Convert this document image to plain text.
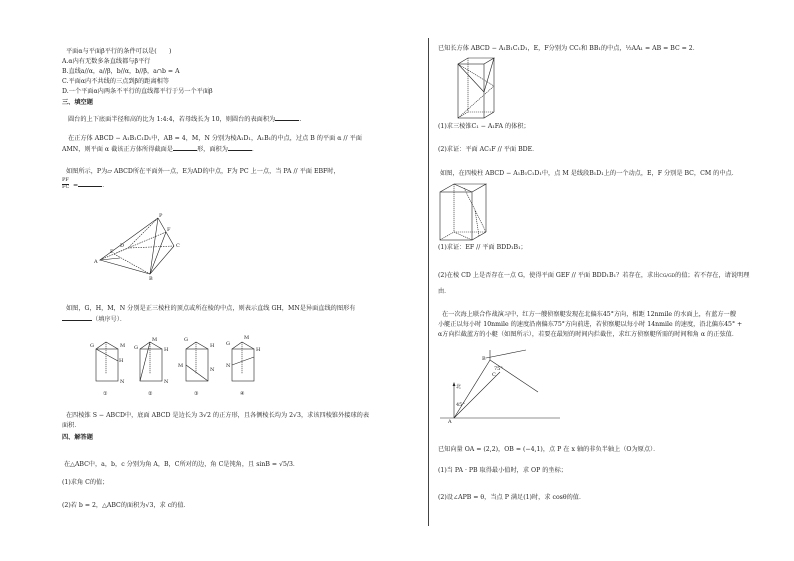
平面α与平面β平行的条件可以是(　　)
A.α内有无数多条直线都与β平行
B.直线a//α，a//β，b//α，b//β，a∩b = A
C.平面α内不共线的三点到β的距离相等
D.一个平面α内两条不平行的直线都平行于另一个平面β
三、填空题
圆台的上下底面半径和高的比为 1:4:4，若母线长为 10，则圆台的表面积为	.
在正方体 ABCD − A₁B₁C₁D₁中，AB = 4，M，N 分别为棱A₁D₁，A₁B₁的中点，过点 B 的平面 α // 平面
AMN，则平面 α 截该正方体所得截面是	形，面积为	．
如图所示，P为▱ ABCD所在平面外一点，E为AD的中点，F为 PC 上一点，当 PA // 平面 EBF时，
$\frac{PF}{FC}$ =	．
P
F
C
D
E
A
B
如图，G，H，M，N 分别是正三棱柱的顶点或所在棱的中点，则表示直线 GH，MN是异面直线的图形有
（填序号）．
G
H
M
N
G
M
H
N
G
H
M
N
G
M
H
N
①	②	③	④
在四棱锥 S − ABCD中，底面 ABCD 是边长为 3√2 的正方形，且各侧棱长均为 2√3，求该四棱锥外接球的表
面积．
四、解答题
在△ABC中，a，b，c 分别为角 A，B，C所对的边，角 C是钝角，且 sinB = √5/3．
(1)求角 C的值；
(2)若 b = 2，△ABC的面积为√3，求 c的值．
已知长方体 ABCD − A₁B₁C₁D₁，E，F分别为 CC₁和 BB₁的中点，½AA₁ = AB = BC = 2．
(1)求三棱锥C₁ − A₁FA 的体积；
(2)求证：平面 AC₁F // 平面 BDE．
如图，在四棱柱 ABCD − A₁B₁C₁D₁中，点 M 是线段B₁D₁上的一个动点，E，F 分别是 BC，CM 的中点．
(1)求证：EF // 平面 BDD₁B₁；
(2)在棱 CD 上是否存在一点 G，使得平面 GEF // 平面 BDD₁B₁？若存在，求出CG/GD的值；若不存在，请说明理
由．
在一次海上联合作战演习中，红方一艘侦察艇发现在北偏东45°方向，相距 12nmile 的水面上，有蓝方一艘
小艇正以每小时 10nmile 的速度沿南偏东75°方向前进，若侦察艇以每小时 14nmile 的速度，沿北偏东45° +
α方向拦截蓝方的小艇（如图所示），若要在最短的时间内拦截住，求红方侦察艇所需的时间和角 α 的正弦值．
北
B
C
A
75°
45°
已知向量 OA = (2,2)，OB = (−4,1)，点 P 在 x 轴的非负半轴上（O为原点）．
(1)当 PA · PB 取得最小值时，求 OP 的坐标；
(2)设∠APB = θ，当点 P 满足(1)时，求 cosθ的值．
